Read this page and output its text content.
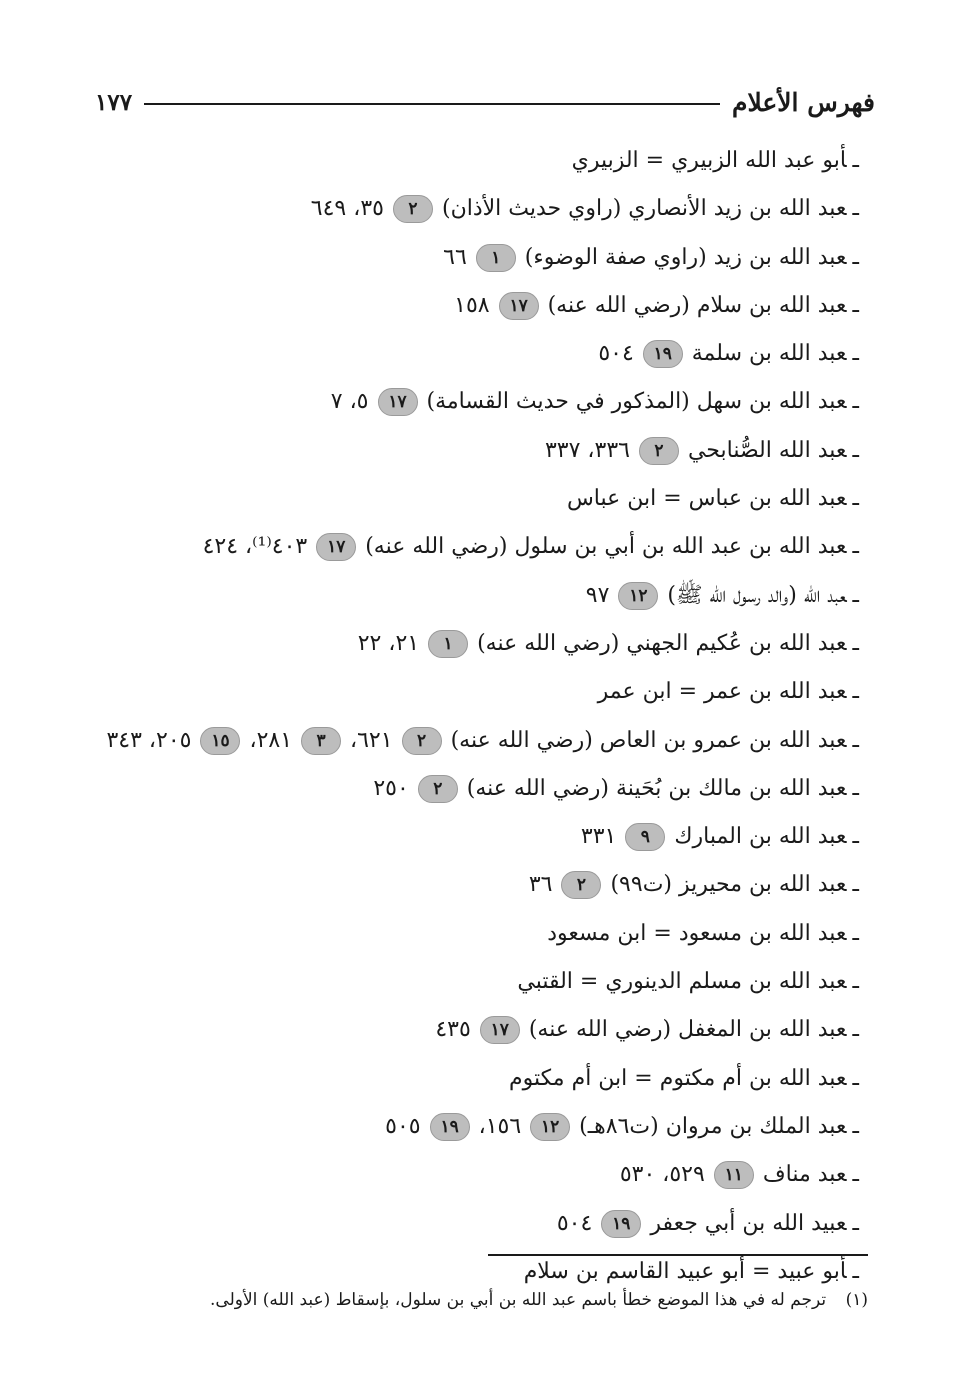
فهرس الأعلام
١٧٧
ـأبو عبد الله الزبيري = الزبيري
ـعبد الله بن زيد الأنصاري (راوي حديث الأذان) ٢ ٣٥، ٦٤٩
ـعبد الله بن زيد (راوي صفة الوضوء) ١ ٦٦
ـعبد الله بن سلام (رضي الله عنه) ١٧ ١٥٨
ـعبد الله بن سلمة ١٩ ٥٠٤
ـعبد الله بن سهل (المذكور في حديث القسامة) ١٧ ٥، ٧
ـعبد الله الصُّنابحي ٢ ٣٣٦، ٣٣٧
ـعبد الله بن عباس = ابن عباس
ـعبد الله بن عبد الله بن أبي بن سلول (رضي الله عنه) ١٧ ٤٠٣⁽¹⁾، ٤٢٤
ـعبد الله (والد رسول الله ﷺ) ١٢ ٩٧
ـعبد الله بن عُكيم الجهني (رضي الله عنه) ١ ٢١، ٢٢
ـعبد الله بن عمر = ابن عمر
ـعبد الله بن عمرو بن العاص (رضي الله عنه) ٢ ٦٢١، ٣ ٢٨١، ١٥ ٢٠٥، ٣٤٣
ـعبد الله بن مالك بن بُحَينة (رضي الله عنه) ٢ ٢٥٠
ـعبد الله بن المبارك ٩ ٣٣١
ـعبد الله بن محيريز (ت٩٩) ٢ ٣٦
ـعبد الله بن مسعود = ابن مسعود
ـعبد الله بن مسلم الدينوري = القتبي
ـعبد الله بن المغفل (رضي الله عنه) ١٧ ٤٣٥
ـعبد الله بن أم مكتوم = ابن أم مكتوم
ـعبد الملك بن مروان (ت٨٦هـ) ١٢ ١٥٦، ١٩ ٥٠٥
ـعبد مناف ١١ ٥٢٩، ٥٣٠
ـعبيد الله بن أبي جعفر ١٩ ٥٠٤
ـأبو عبيد = أبو عبيد القاسم بن سلام
(١) ترجم له في هذا الموضع خطأ باسم عبد الله بن أبي بن سلول، بإسقاط (عبد الله) الأولى.
